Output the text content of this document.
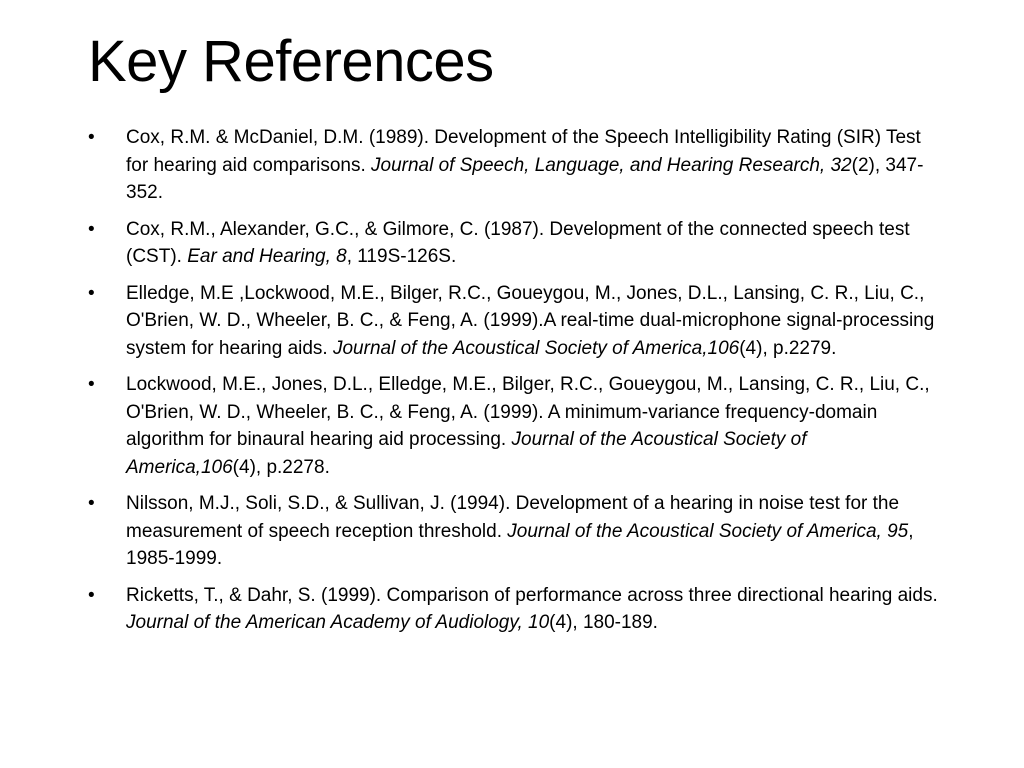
Key References
• Cox, R.M. & McDaniel, D.M. (1989). Development of the Speech Intelligibility Rating (SIR) Test for hearing aid comparisons. Journal of Speech, Language, and Hearing Research, 32(2), 347-352.
• Cox, R.M., Alexander, G.C., & Gilmore, C. (1987). Development of the connected speech test (CST). Ear and Hearing, 8, 119S-126S.
• Elledge, M.E ,Lockwood, M.E., Bilger, R.C., Goueygou, M., Jones, D.L., Lansing, C. R., Liu, C., O'Brien, W. D., Wheeler, B. C., & Feng, A. (1999).A real-time dual-microphone signal-processing system for hearing aids. Journal of the Acoustical Society of America,106(4), p.2279.
• Lockwood, M.E., Jones, D.L., Elledge, M.E., Bilger, R.C., Goueygou, M., Lansing, C. R., Liu, C., O'Brien, W. D., Wheeler, B. C., & Feng, A. (1999). A minimum-variance frequency-domain algorithm for binaural hearing aid processing. Journal of the Acoustical Society of America,106(4), p.2278.
• Nilsson, M.J., Soli, S.D., & Sullivan, J. (1994). Development of a hearing in noise test for the measurement of speech reception threshold. Journal of the Acoustical Society of America, 95, 1985-1999.
• Ricketts, T., & Dahr, S. (1999). Comparison of performance across three directional hearing aids. Journal of the American Academy of Audiology, 10(4), 180-189.
